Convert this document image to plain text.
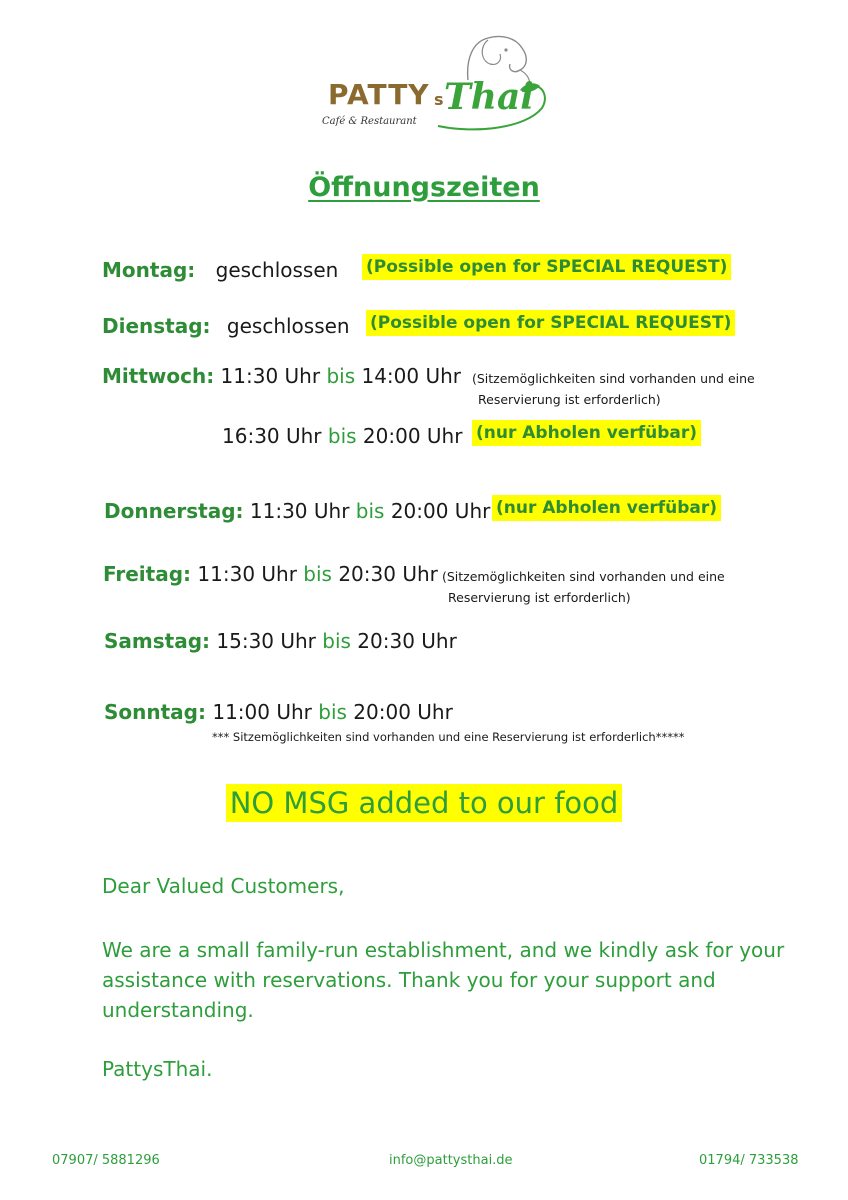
PATTY s Thai
Café & Restaurant
Öffnungszeiten
Montag: geschlossen (Possible open for SPECIAL REQUEST)
Dienstag: geschlossen (Possible open for SPECIAL REQUEST)
Mittwoch: 11:30 Uhr bis 14:00 Uhr (Sitzemöglichkeiten sind vorhanden und eine
Reservierung ist erforderlich)
16:30 Uhr bis 20:00 Uhr (nur Abholen verfübar)
Donnerstag: 11:30 Uhr bis 20:00 Uhr (nur Abholen verfübar)
Freitag: 11:30 Uhr bis 20:30 Uhr (Sitzemöglichkeiten sind vorhanden und eine
Reservierung ist erforderlich)
Samstag: 15:30 Uhr bis 20:30 Uhr
Sonntag: 11:00 Uhr bis 20:00 Uhr
*** Sitzemöglichkeiten sind vorhanden und eine Reservierung ist erforderlich*****
NO MSG added to our food
Dear Valued Customers,
We are a small family-run establishment, and we kindly ask for your assistance with reservations. Thank you for your support and understanding.
PattysThai.
07907/ 5881296	info@pattysthai.de	01794/ 733538
